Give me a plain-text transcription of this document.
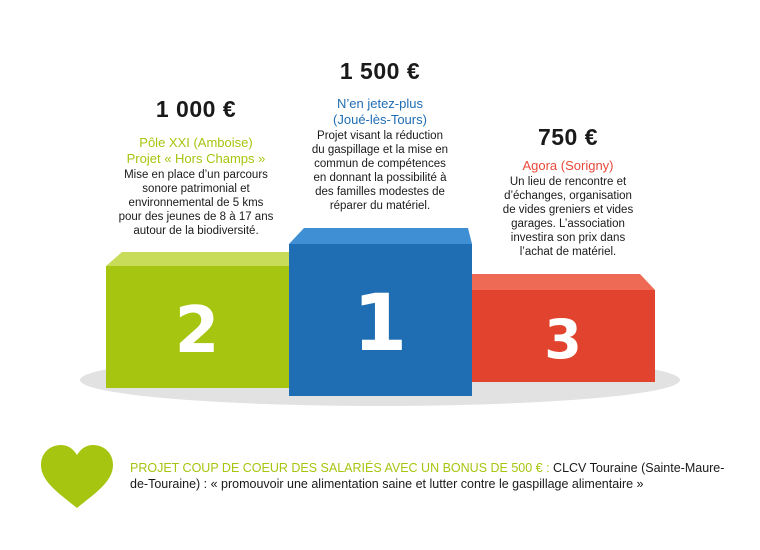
2	3
1
1 000 €
Pôle XXI (Amboise)
Projet « Hors Champs »
Mise en place d’un parcours
sonore patrimonial et
environnemental de 5 kms
pour des jeunes de 8 à 17 ans
autour de la biodiversité.
1 500 €
N’en jetez-plus
(Joué-lès-Tours)
Projet visant la réduction
du gaspillage et la mise en
commun de compétences
en donnant la possibilité à
des familles modestes de
réparer du matériel.
750 €
Agora (Sorigny)
Un lieu de rencontre et
d’échanges, organisation
de vides greniers et vides
garages. L’association
investira son prix dans
l’achat de matériel.
PROJET COUP DE COEUR DES SALARIÉS AVEC UN BONUS DE 500 € : CLCV Touraine (Sainte-Maure-de-Touraine) : « promouvoir une alimentation saine et lutter contre le gaspillage alimentaire »
